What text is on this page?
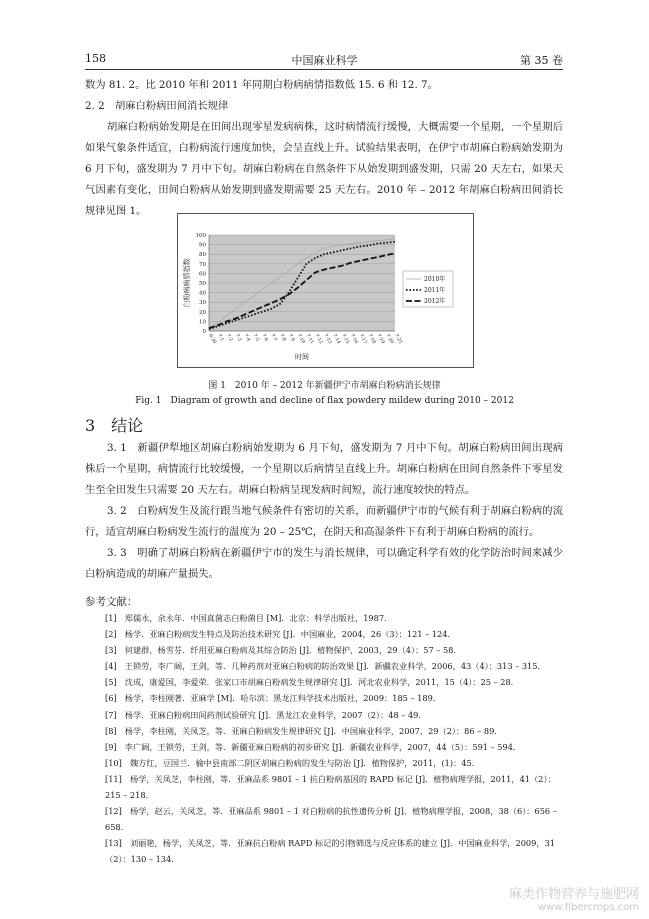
158	中国麻业科学	第 35 卷

数为 81. 2。比 2010 年和 2011 年同期白粉病病情指数低 15. 6 和 12. 7。

2. 2　胡麻白粉病田间消长规律

胡麻白粉病始发期是在田间出现零星发病病株，这时病情流行缓慢，大概需要一个星期，一个星期后如果气象条件适宜，白粉病流行速度加快，会呈直线上升。试验结果表明，在伊宁市胡麻白粉病始发期为 6 月下旬，盛发期为 7 月中下旬。胡麻白粉病在自然条件下从始发期到盛发期，只需 20 天左右，如果天气因素有变化，田间白粉病从始发期到盛发期需要 25 天左右。2010 年 – 2012 年胡麻白粉病田间消长规律见图 1。

0
10
20
30
40
50
60
70
80
90
100
6-30 7-1 7-2 7-3 7-4 7-5 7-6 7-7 7-8 7-9 7-10 7-11 7-12 7-13 7-14 7-15 7-16 7-17 7-18 7-19 7-20 7-21
2010年
2011年
2012年
白粉病病情指数
时间
图 1　2010 年 – 2012 年新疆伊宁市胡麻白粉病消长规律
Fig. 1　Diagram of growth and decline of flax powdery mildew during 2010 – 2012
3　结论

3. 1　新疆伊犁地区胡麻白粉病始发期为 6 月下旬，盛发期为 7 月中下旬。胡麻白粉病田间出现病株后一个星期，病情流行比较缓慢，一个星期以后病情呈直线上升。胡麻白粉病在田间自然条件下零星发生至全田发生只需要 20 天左右。胡麻白粉病呈现发病时间短，流行速度较快的特点。

3. 2　白粉病发生及流行跟当地气候条件有密切的关系，而新疆伊宁市的气候有利于胡麻白粉病的流行，适宜胡麻白粉病发生流行的温度为 20 – 25℃，在阴天和高湿条件下有利于胡麻白粉病的流行。

3. 3　明确了胡麻白粉病在新疆伊宁市的发生与消长规律，可以确定科学有效的化学防治时间来减少白粉病造成的胡麻产量损失。

参考文献：

[1]　郑儒永，余永年．中国真菌志白粉菌目 [M]．北京：科学出版社，1987.

[2]　杨学．亚麻白粉病发生特点及防治技术研究 [J]．中国麻业，2004，26（3）：121 – 124.

[3]　何建群，杨雪芬．纤用亚麻白粉病及其综合防治 [J]．植物保护，2003，29（4）：57 – 58.

[4]　王锁劳，李广阔，王剑，等．几种药剂对亚麻白粉病的防治效果 [J]．新疆农业科学，2006，43（4）：313 – 315.

[5]　沈成，康爱国，李爱荣．张家口市胡麻白粉病发生规律研究 [J]．河北农业科学，2011，15（4）：25 – 28.

[6]　杨学，李柱刚著．亚麻学 [M]．哈尔滨：黑龙江科学技术出版社，2009：185 – 189.

[7]　杨学．亚麻白粉病田间药剂试验研究 [J]．黑龙江农业科学，2007（2）：48 – 49.

[8]　杨学，李柱刚，关凤芝，等．亚麻白粉病发生规律研究 [J]．中国麻业科学，2007，29（2）：86 – 89.

[9]　李广阔，王锁劳，王剑，等．新疆亚麻白粉病的初步研究 [J]．新疆农业科学，2007，44（5）：591 – 594.

[10]　魏方红，豆国兰．榆中县南部二阴区胡麻白粉病的发生与防治 [J]．植物保护，2011，(1)：45.

[11]　杨学，关凤芝，李柱刚，等．亚麻品系 9801 – 1 抗白粉病基因的 RAPD 标记 [J]．植物病理学报，2011，41（2）：215 – 218.

[12]　杨学，赵云，关凤芝，等．亚麻品系 9801 – 1 对白粉病的抗性遗传分析 [J]．植物病理学报，2008，38（6）：656 – 658.

[13]　刘丽艳，杨学，关凤芝，等．亚麻抗白粉病 RAPD 标记的引物筛选与反应体系的建立 [J]．中国麻业科学，2009，31（2）：130 – 134.

麻类作物营养与施肥网
www.fibercrops.com
